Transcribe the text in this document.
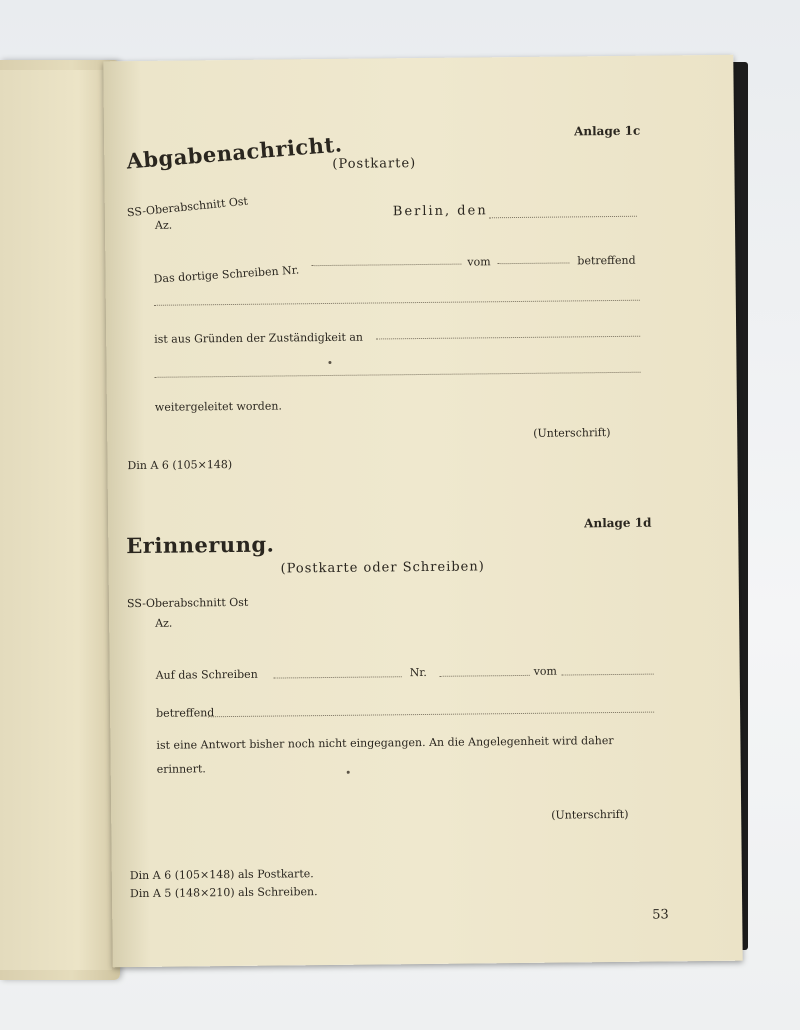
Abgabenachricht.
Anlage 1c
(Postkarte)
SS-Oberabschnitt Ost
Az.
Berlin, den
Das dortige Schreiben Nr.
vom	betreffend
ist aus Gründen der Zuständigkeit an
weitergeleitet worden.
(Unterschrift)
Din A 6 (105×148)
Erinnerung.
Anlage 1d
(Postkarte oder Schreiben)
SS-Oberabschnitt Ost
Az.
Auf das Schreiben	Nr.	vom
betreffend
ist eine Antwort bisher noch nicht eingegangen. An die Angelegenheit wird daher
erinnert.
(Unterschrift)
Din A 6 (105×148) als Postkarte.
Din A 5 (148×210) als Schreiben.
53
